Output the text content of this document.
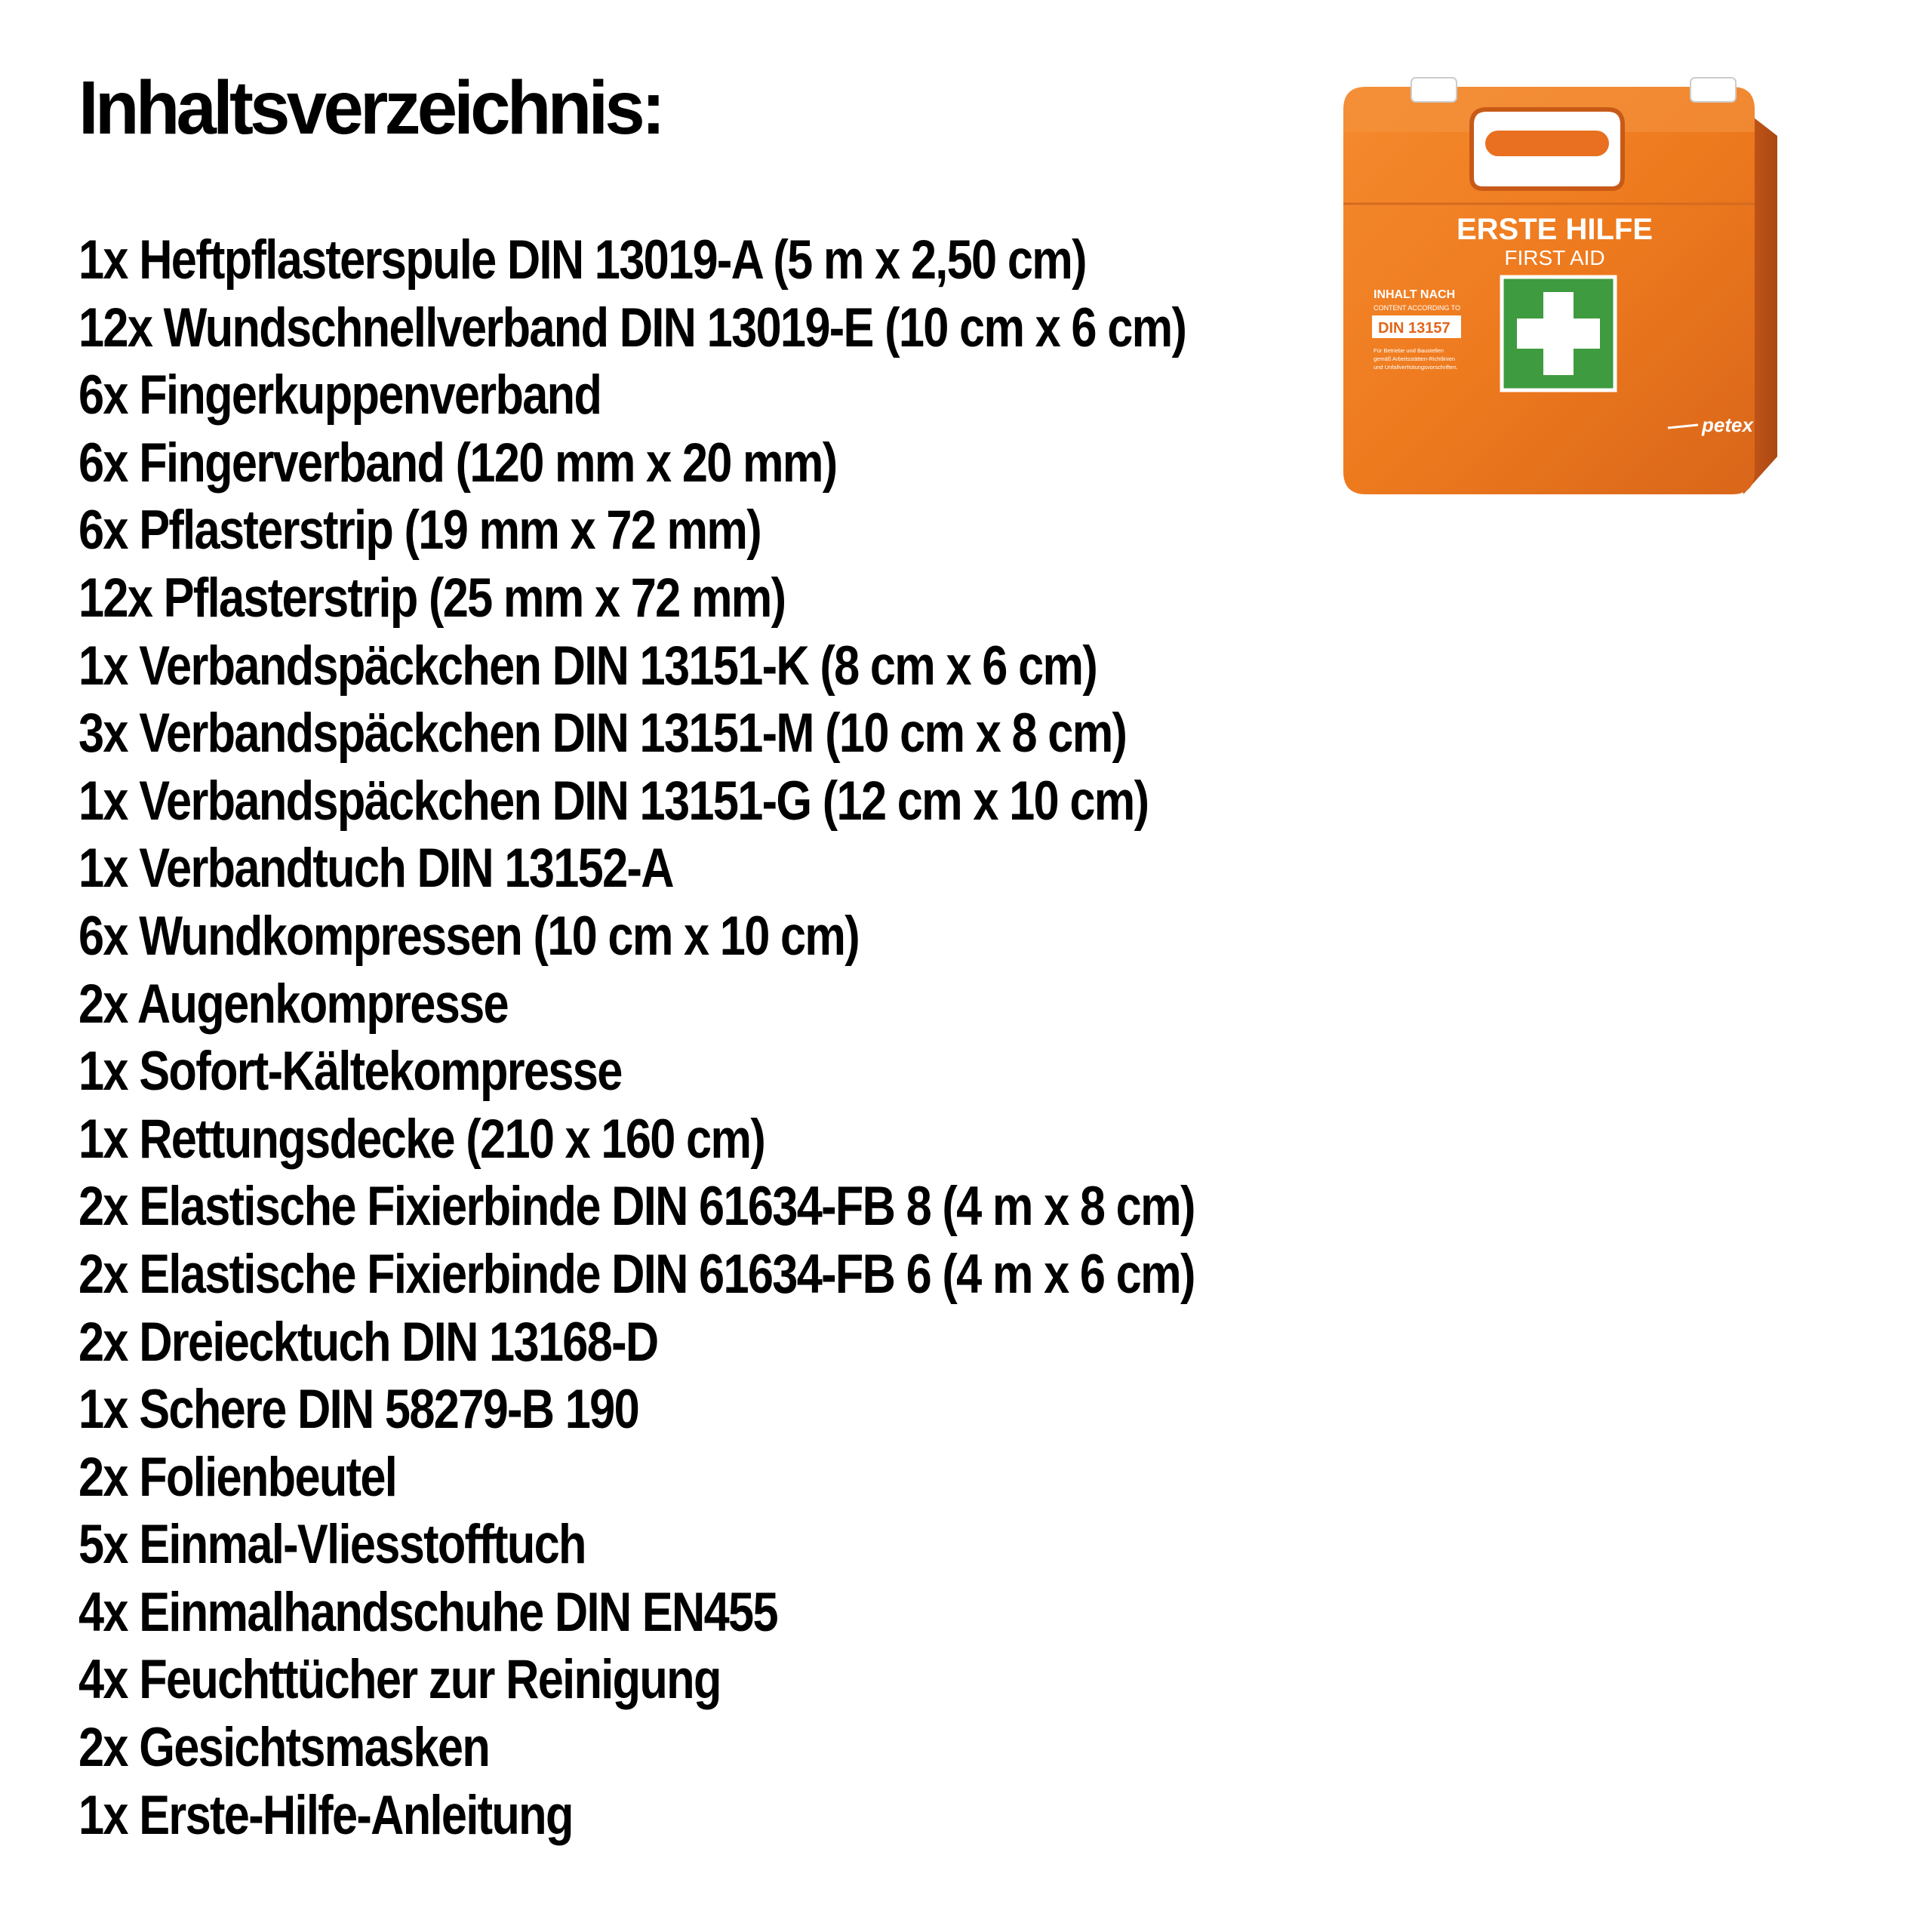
Inhaltsverzeichnis:
1x Heftpflasterspule DIN 13019-A (5 m x 2,50 cm)
12x Wundschnellverband DIN 13019-E (10 cm x 6 cm)
6x Fingerkuppenverband
6x Fingerverband (120 mm x 20 mm)
6x Pflasterstrip (19 mm x 72 mm)
12x Pflasterstrip (25 mm x 72 mm)
1x Verbandspäckchen DIN 13151-K (8 cm x 6 cm)
3x Verbandspäckchen DIN 13151-M (10 cm x 8 cm)
1x Verbandspäckchen DIN 13151-G (12 cm x 10 cm)
1x Verbandtuch DIN 13152-A
6x Wundkompressen (10 cm x 10 cm)
2x Augenkompresse
1x Sofort-Kältekompresse
1x Rettungsdecke (210 x 160 cm)
2x Elastische Fixierbinde DIN 61634-FB 8 (4 m x 8 cm)
2x Elastische Fixierbinde DIN 61634-FB 6 (4 m x 6 cm)
2x Dreiecktuch DIN 13168-D
1x Schere DIN 58279-B 190
2x Folienbeutel
5x Einmal-Vliesstofftuch
4x Einmalhandschuhe DIN EN455
4x Feuchttücher zur Reinigung
2x Gesichtsmasken
1x Erste-Hilfe-Anleitung
ERSTE HILFE
FIRST AID
INHALT NACH
CONTENT ACCORDING TO
DIN 13157
Für Betriebe und Baustellen
gemäß Arbeitsstätten-Richtlinien
und Unfallverhütungsvorschriften.
petex
